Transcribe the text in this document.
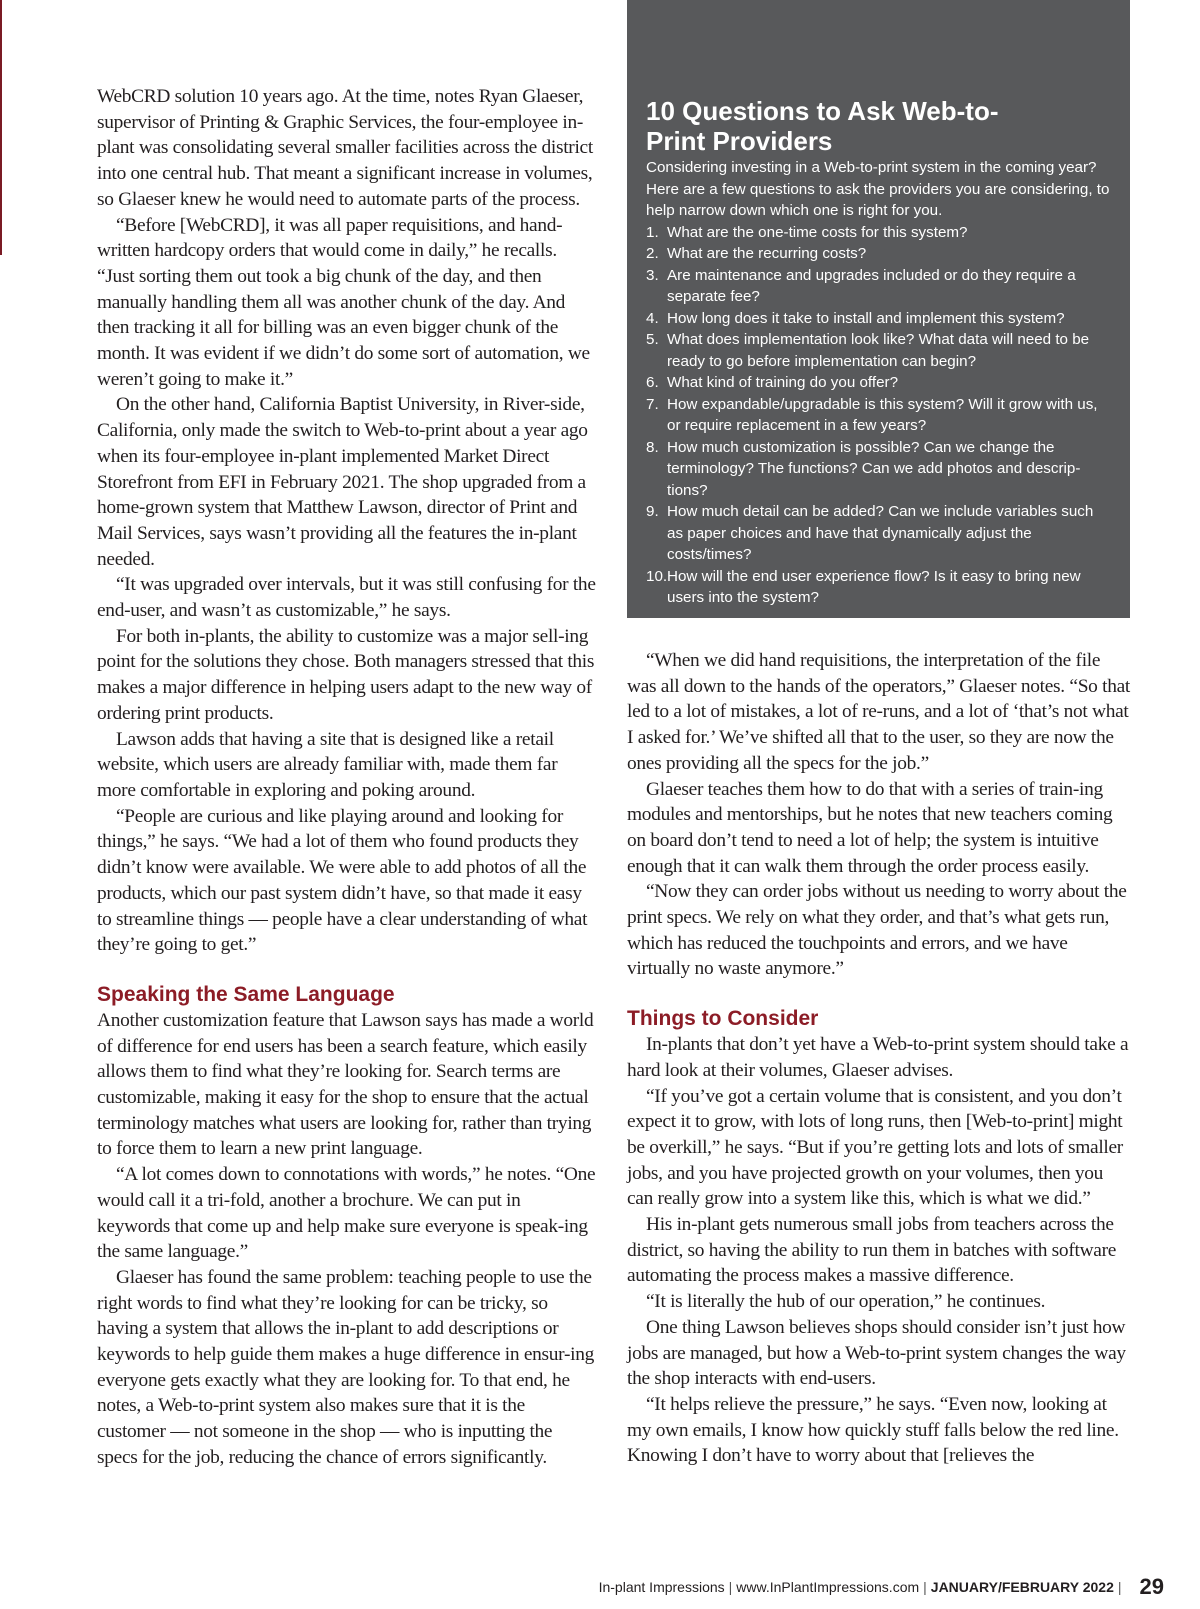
WebCRD solution 10 years ago. At the time, notes Ryan Glaeser, supervisor of Printing & Graphic Services, the four-employee in-plant was consolidating several smaller facilities across the district into one central hub. That meant a significant increase in volumes, so Glaeser knew he would need to automate parts of the process.

“Before [WebCRD], it was all paper requisitions, and hand-written hardcopy orders that would come in daily,” he recalls. “Just sorting them out took a big chunk of the day, and then manually handling them all was another chunk of the day. And then tracking it all for billing was an even bigger chunk of the month. It was evident if we didn’t do some sort of automation, we weren’t going to make it.”

On the other hand, California Baptist University, in River-side, California, only made the switch to Web-to-print about a year ago when its four-employee in-plant implemented Market Direct Storefront from EFI in February 2021. The shop upgraded from a home-grown system that Matthew Lawson, director of Print and Mail Services, says wasn’t providing all the features the in-plant needed.

“It was upgraded over intervals, but it was still confusing for the end-user, and wasn’t as customizable,” he says.

For both in-plants, the ability to customize was a major sell-ing point for the solutions they chose. Both managers stressed that this makes a major difference in helping users adapt to the new way of ordering print products.

Lawson adds that having a site that is designed like a retail website, which users are already familiar with, made them far more comfortable in exploring and poking around.

“People are curious and like playing around and looking for things,” he says. “We had a lot of them who found products they didn’t know were available. We were able to add photos of all the products, which our past system didn’t have, so that made it easy to streamline things — people have a clear understanding of what they’re going to get.”

Speaking the Same Language

Another customization feature that Lawson says has made a world of difference for end users has been a search feature, which easily allows them to find what they’re looking for. Search terms are customizable, making it easy for the shop to ensure that the actual terminology matches what users are looking for, rather than trying to force them to learn a new print language.

“A lot comes down to connotations with words,” he notes. “One would call it a tri-fold, another a brochure. We can put in keywords that come up and help make sure everyone is speak-ing the same language.”

Glaeser has found the same problem: teaching people to use the right words to find what they’re looking for can be tricky, so having a system that allows the in-plant to add descriptions or keywords to help guide them makes a huge difference in ensur-ing everyone gets exactly what they are looking for. To that end, he notes, a Web-to-print system also makes sure that it is the customer — not someone in the shop — who is inputting the specs for the job, reducing the chance of errors significantly.

10 Questions to Ask Web-to-Print Providers

Considering investing in a Web-to-print system in the coming year? Here are a few questions to ask the providers you are considering, to help narrow down which one is right for you.

1. What are the one-time costs for this system?
2. What are the recurring costs?
3. Are maintenance and upgrades included or do they require a separate fee?
4. How long does it take to install and implement this system?
5. What does implementation look like? What data will need to be ready to go before implementation can begin?
6. What kind of training do you offer?
7. How expandable/upgradable is this system? Will it grow with us, or require replacement in a few years?
8. How much customization is possible? Can we change the terminology? The functions? Can we add photos and descrip-tions?
9. How much detail can be added? Can we include variables such as paper choices and have that dynamically adjust the costs/times?
10. How will the end user experience flow? Is it easy to bring new users into the system?

“When we did hand requisitions, the interpretation of the file was all down to the hands of the operators,” Glaeser notes. “So that led to a lot of mistakes, a lot of re-runs, and a lot of ‘that’s not what I asked for.’ We’ve shifted all that to the user, so they are now the ones providing all the specs for the job.”

Glaeser teaches them how to do that with a series of train-ing modules and mentorships, but he notes that new teachers coming on board don’t tend to need a lot of help; the system is intuitive enough that it can walk them through the order process easily.

“Now they can order jobs without us needing to worry about the print specs. We rely on what they order, and that’s what gets run, which has reduced the touchpoints and errors, and we have virtually no waste anymore.”

Things to Consider

In-plants that don’t yet have a Web-to-print system should take a hard look at their volumes, Glaeser advises.

“If you’ve got a certain volume that is consistent, and you don’t expect it to grow, with lots of long runs, then [Web-to-print] might be overkill,” he says. “But if you’re getting lots and lots of smaller jobs, and you have projected growth on your volumes, then you can really grow into a system like this, which is what we did.”

His in-plant gets numerous small jobs from teachers across the district, so having the ability to run them in batches with software automating the process makes a massive difference.

“It is literally the hub of our operation,” he continues.

One thing Lawson believes shops should consider isn’t just how jobs are managed, but how a Web-to-print system changes the way the shop interacts with end-users.

“It helps relieve the pressure,” he says. “Even now, looking at my own emails, I know how quickly stuff falls below the red line. Knowing I don’t have to worry about that [relieves the

In-plant Impressions | www.InPlantImpressions.com | JANUARY/FEBRUARY 2022 | 29
